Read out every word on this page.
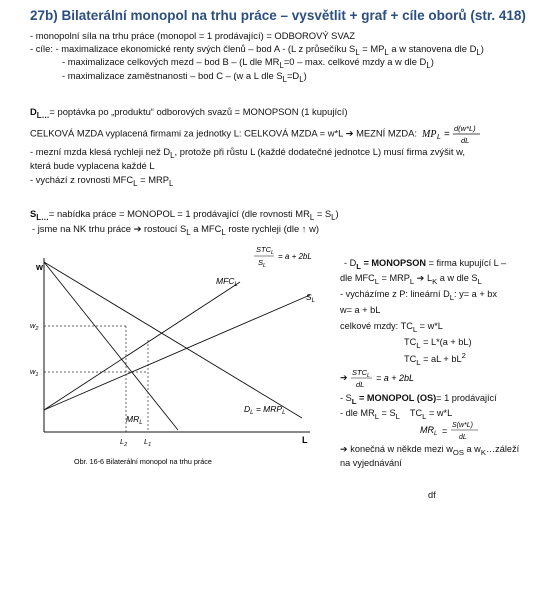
27b) Bilaterální monopol na trhu práce – vysvětlit + graf + cíle oborů (str. 418)
- monopolní síla na trhu práce (monopol = 1 prodávající) = ODBOROVÝ SVAZ
- cíle: - maximalizace ekonomické renty svých členů – bod A - (L z průsečíku $S_L = MP_L$ a w stanovena dle $D_L$)
- maximalizace celkových mezd – bod B – (L dle $MR_L=0 - \max$. celkové mzdy a w dle $D_L$)
- maximalizace zaměstnanosti – bod C – (w a L dle $S_L=D_L$)
$D_{L\dots}=$ poptávka po „produktu“ odborových svazů = MONOPSON (1 kupující)
CELKOVÁ MZDA vyplacená firmami za jednotky L: CELKOVÁ MZDA = w*L ➔ MEZNÍ MZDA: MP L =
d(w*L)
dL
- mezní mzda klesá rychleji než $D_L$, protože při růstu L (každé dodatečné jednotce L) musí firma zvýšit w,
která bude vyplacena každé L
- vychází z rovnosti $MFC_L = MRP_L$
$S_{L\dots}=$ nabídka práce = MONOPOL = 1 prodávající (dle rovnosti $MR_L = S_L$)
- jsme na NK trhu práce ➔ rostoucí $S_L$ a $MFC_L$ roste rychleji (dle ↑ w)
w
L
$MFC_L$
$S_L$
$D_L = MRP_L$
$MR_L$
$w_2$
$w_1$
$L_2$ $L_1$
$STC_L$
$S_L$
= a + 2bL
Obr. 16-6 Bilaterální monopol na trhu práce
- $D_L$ = MONOPSON = firma kupující L –
dle $MFC_L = MRP_L$ ➔ $L_K$ a w dle $S_L$
- vycházíme z P: lineární $D_L$: y= a + bx
w= a + bL
celkové mzdy: $TC_L = w*L$
$TC_L = L*(a + bL)$
$TC_L$ = aL + $bL^2$
➔ $STC_L$
dL
= a + 2bL
- $S_L$ = MONOPOL (OS)= 1 prodávající
- dle $MR_L = S_L$    $TC_L = w*L$
$MR_L$ =
S(w*L)
dL
➔ konečná w někde mezi $w_{OS}$ a $w_K\dots záleží$
na vyjednávání
df
